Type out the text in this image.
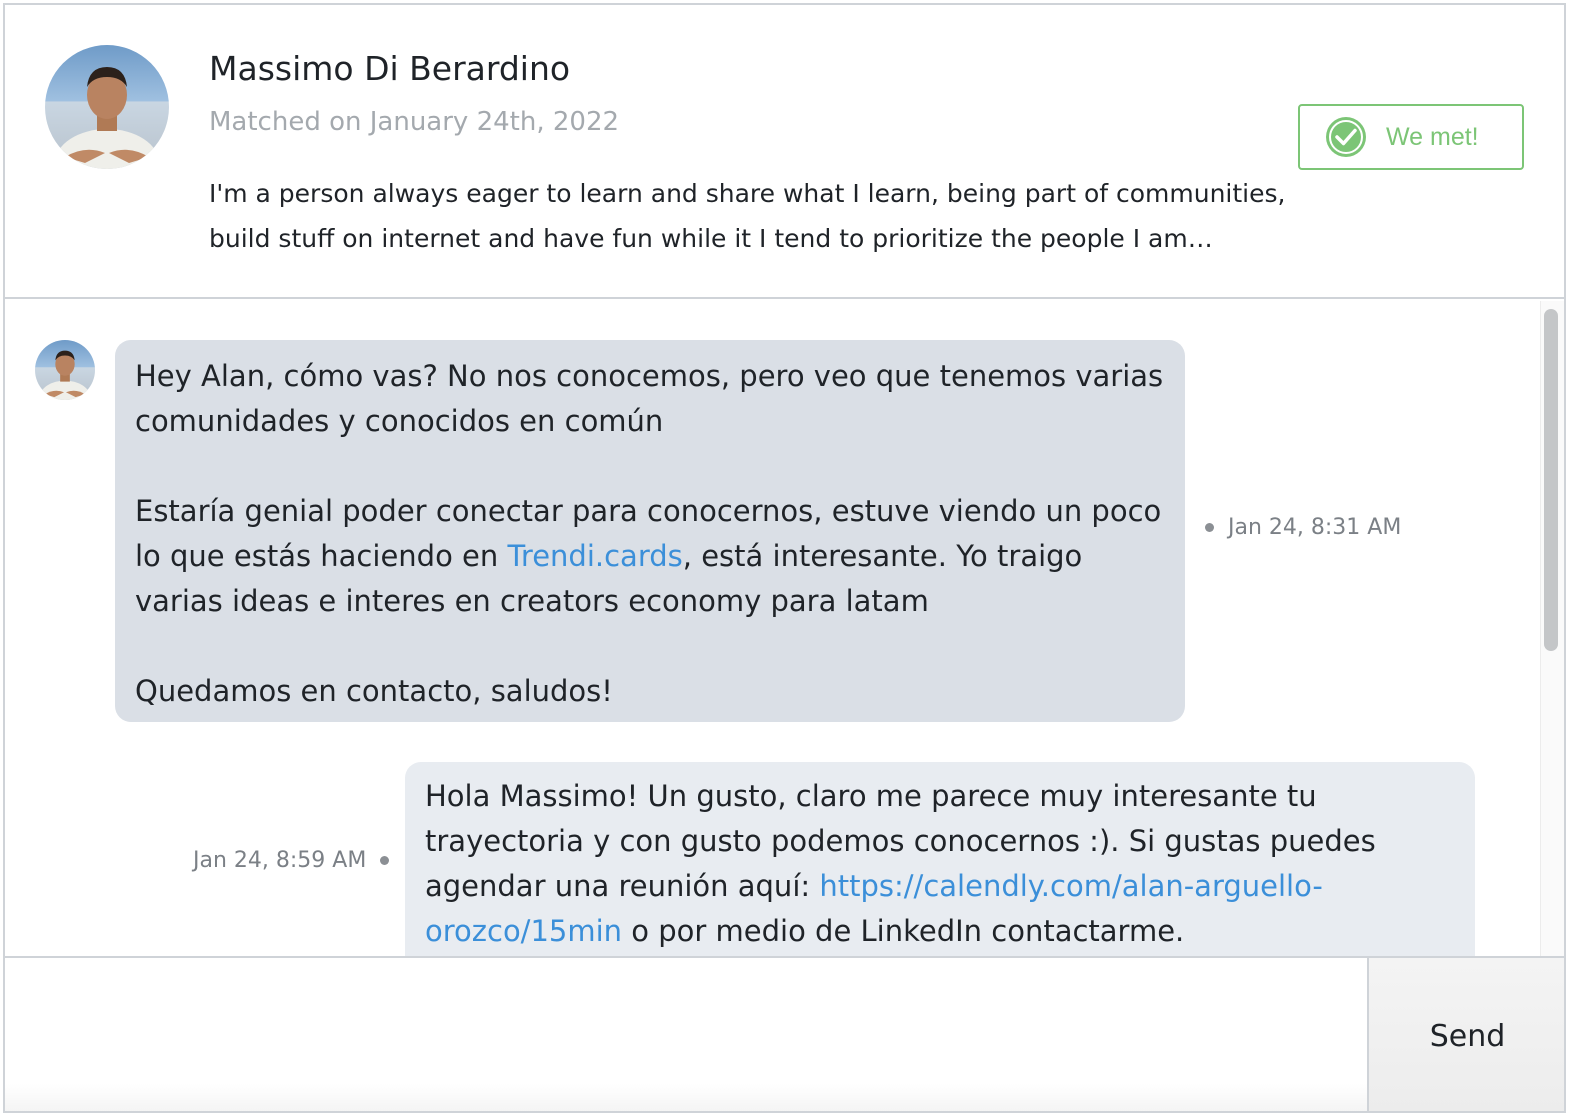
Massimo Di Berardino
Matched on January 24th, 2022
I'm a person always eager to learn and share what I learn, being part of communities, build stuff on internet and have fun while it I tend to prioritize the people I am…
We met!

Hey Alan, cómo vas? No nos conocemos, pero veo que tenemos varias comunidades y conocidos en común

Estaría genial poder conectar para conocernos, estuve viendo un poco lo que estás haciendo en Trendi.cards, está interesante. Yo traigo varias ideas e interes en creators economy para latam

Quedamos en contacto, saludos!

Jan 24, 8:31 AM
Hola Massimo! Un gusto, claro me parece muy interesante tu trayectoria y con gusto podemos conocernos :). Si gustas puedes agendar una reunión aquí: https://calendly.com/alan-arguello-orozco/15min o por medio de LinkedIn contactarme.
Jan 24, 8:59 AM
Send
